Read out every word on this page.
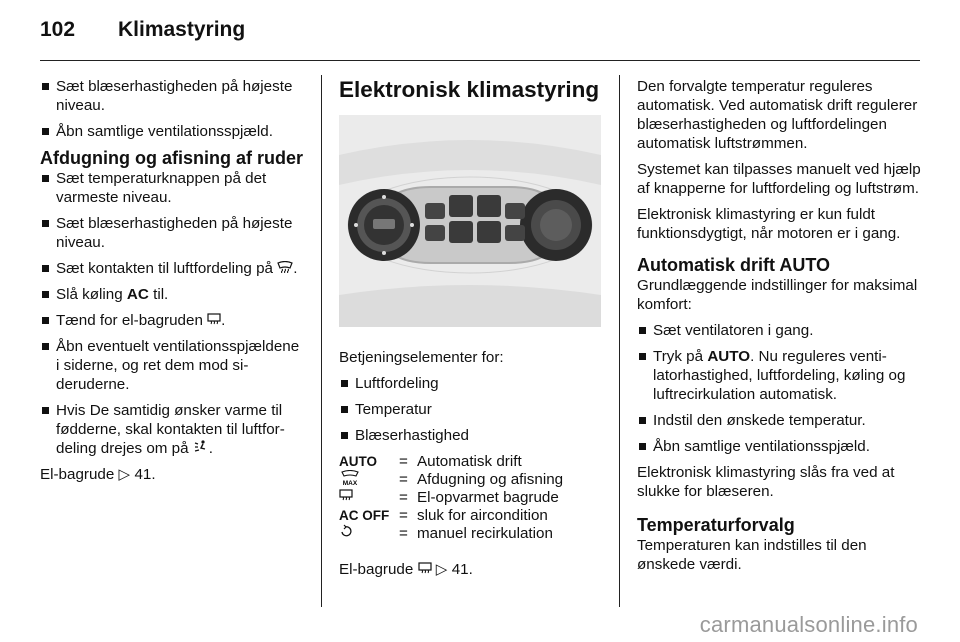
102 Klimastyring
Sæt blæserhastigheden på højeste niveau.
Åbn samtlige ventilationsspjæld.
Afdugning og afisning af ruder
Sæt temperaturknappen på det varmeste niveau.
Sæt blæserhastigheden på højeste niveau.
Sæt kontakten til luftfordeling på .
Slå køling AC til.
Tænd for el-bagruden .
Åbn eventuelt ventilationsspjældene i siderne, og ret dem mod sideruderne.
Hvis De samtidig ønsker varme til fødderne, skal kontakten til luftfordeling drejes om på .
El-bagrude ▷ 41.
Elektronisk klimastyring
Betjeningselementer for:
Luftfordeling
Temperatur
Blæserhastighed
AUTO	= Automatisk drift
MAX	= Afdugning og afisning
= El-opvarmet bagrude
AC OFF = sluk for aircondition
= manuel recirkulation
El-bagrude ▷ 41.
Den forvalgte temperatur reguleres automatisk. Ved automatisk drift regulerer blæserhastigheden og luftfordelingen automatisk luftstrømmen.
Systemet kan tilpasses manuelt ved hjælp af knapperne for luftfordeling og luftstrøm.
Elektronisk klimastyring er kun fuldt funktionsdygtigt, når motoren er i gang.
Automatisk drift AUTO
Grundlæggende indstillinger for maksimal komfort:
Sæt ventilatoren i gang.
Tryk på AUTO. Nu reguleres ventilatorhastighed, luftfordeling, køling og luftrecirkulation automatisk.
Indstil den ønskede temperatur.
Åbn samtlige ventilationsspjæld.
Elektronisk klimastyring slås fra ved at slukke for blæseren.
Temperaturforvalg
Temperaturen kan indstilles til den ønskede værdi.
carmanualsonline.info
